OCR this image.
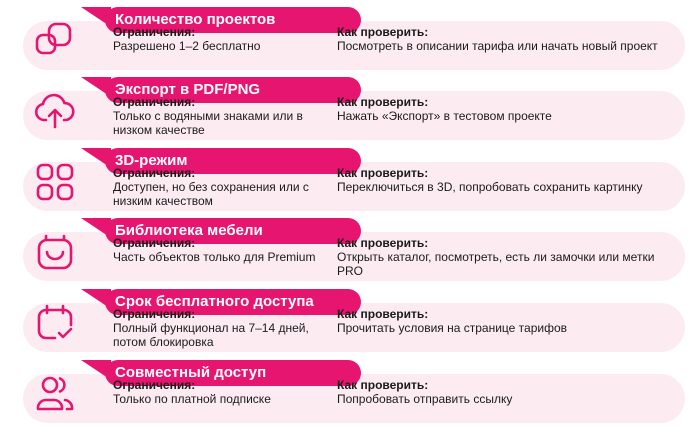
Количество проектов
Ограничения:
Разрешено 1–2 бесплатно
Как проверить:
Посмотреть в описании тарифа или начать новый проект
Экспорт в PDF/PNG
Ограничения:
Только с водяными знаками или в низком качестве
Как проверить:
Нажать «Экспорт» в тестовом проекте
3D-режим
Ограничения:
Доступен, но без сохранения или с низким качеством
Как проверить:
Переключиться в 3D, попробовать сохранить картинку
Библиотека мебели
Ограничения:
Часть объектов только для Premium
Как проверить:
Открыть каталог, посмотреть, есть ли замочки или метки PRO
Срок бесплатного доступа
Ограничения:
Полный функционал на 7–14 дней, потом блокировка
Как проверить:
Прочитать условия на странице тарифов
Совместный доступ
Ограничения:
Только по платной подписке
Как проверить:
Попробовать отправить ссылку
